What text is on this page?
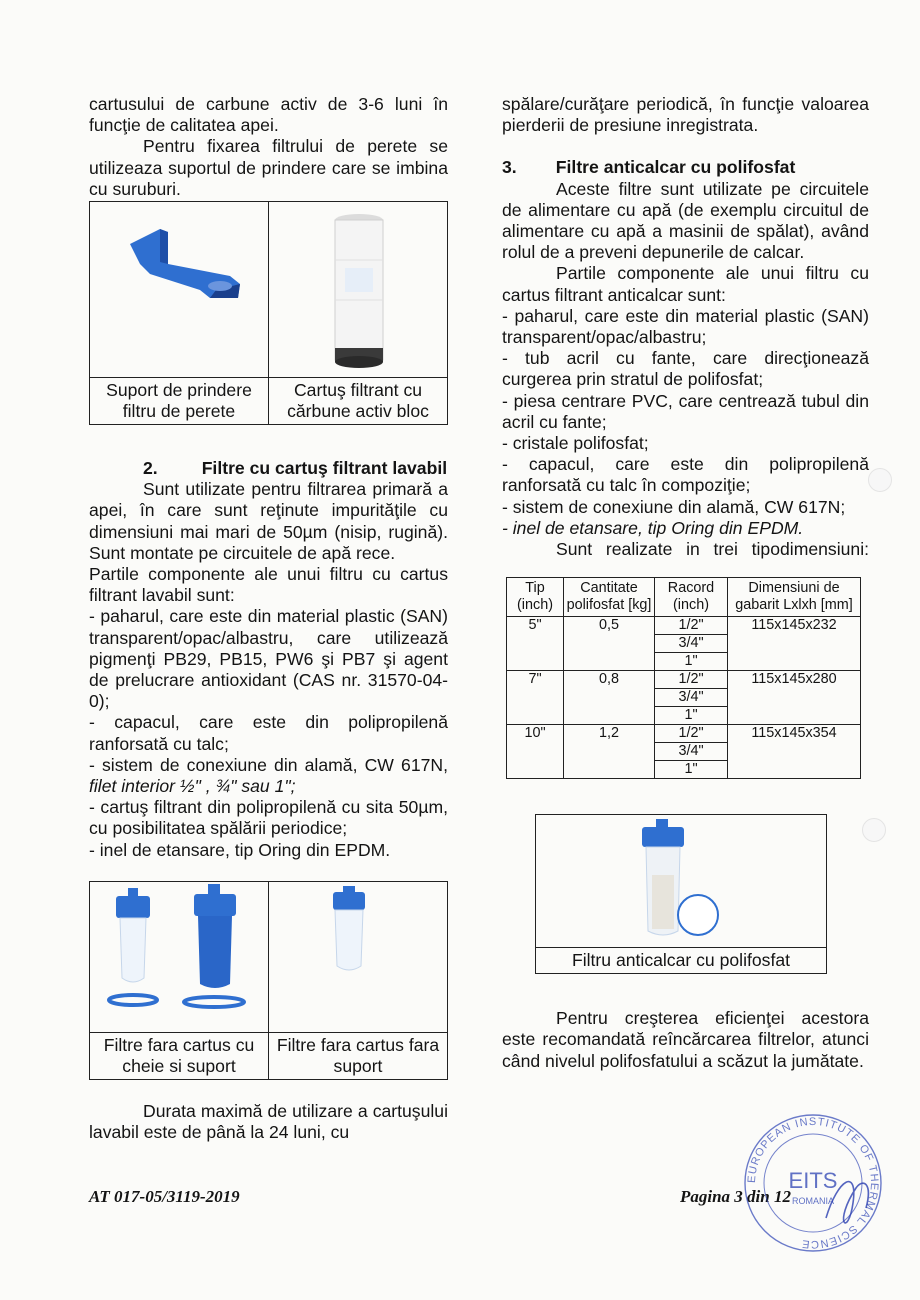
cartusului de carbune activ de 3-6 luni în funcţie de calitatea apei.

Pentru fixarea filtrului de perete se utilizeaza suportul de prindere care se imbina cu suruburi.

Suport de prindere filtru de perete	Cartuş filtrant cu cărbune activ bloc

2.	Filtre cu cartuş filtrant lavabil

Sunt utilizate pentru filtrarea primară a apei, în care sunt reţinute impurităţile cu dimensiuni mai mari de 50µm (nisip, rugină). Sunt montate pe circuitele de apă rece.

Partile componente ale unui filtru cu cartus filtrant lavabil sunt:

- paharul, care este din material plastic (SAN) transparent/opac/albastru, care utilizează pigmenţi PB29, PB15, PW6 şi PB7 şi agent de prelucrare antioxidant (CAS nr. 31570-04-0);

- capacul, care este din polipropilenă ranforsată cu talc;

- sistem de conexiune din alamă, CW 617N, filet interior ½" , ¾" sau 1";

- cartuş filtrant din polipropilenă cu sita 50µm, cu posibilitatea spălării periodice;

- inel de etansare, tip Oring din EPDM.

Filtre fara cartus cu cheie si suport	Filtre fara cartus fara suport

Durata maximă de utilizare a cartuşului lavabil este de până la 24 luni, cu

spălare/curăţare periodică, în funcţie valoarea pierderii de presiune inregistrata.

3. Filtre anticalcar cu polifosfat

Aceste filtre sunt utilizate pe circuitele de alimentare cu apă (de exemplu circuitul de alimentare cu apă a masinii de spălat), având rolul de a preveni depunerile de calcar.

Partile componente ale unui filtru cu cartus filtrant anticalcar sunt:

- paharul, care este din material plastic (SAN) transparent/opac/albastru;

- tub acril cu fante, care direcţionează curgerea prin stratul de polifosfat;

- piesa centrare PVC, care centrează tubul din acril cu fante;

- cristale polifosfat;

- capacul, care este din polipropilenă ranforsată cu talc în compoziţie;

- sistem de conexiune din alamă, CW 617N;

- inel de etansare, tip Oring din EPDM.

Sunt realizate in trei tipodimensiuni:

Tip (inch)	Cantitate polifosfat [kg]	Racord (inch)	Dimensiuni de gabarit Lxlxh [mm]
5"	0,5	1/2"	115x145x232
		3/4"	
		1"	
7"	0,8	1/2"	115x145x280
		3/4"	
		1"	
10"	1,2	1/2"	115x145x354
		3/4"	
		1"	

Filtru anticalcar cu polifosfat

Pentru creşterea eficienţei acestora este recomandată reîncărcarea filtrelor, atunci când nivelul polifosfatului a scăzut la jumătate.

AT 017-05/3119-2019	Pagina 3 din 12
EUROPEAN INSTITUTE OF THERMAL SCIENCE
EITS
ROMANIA
